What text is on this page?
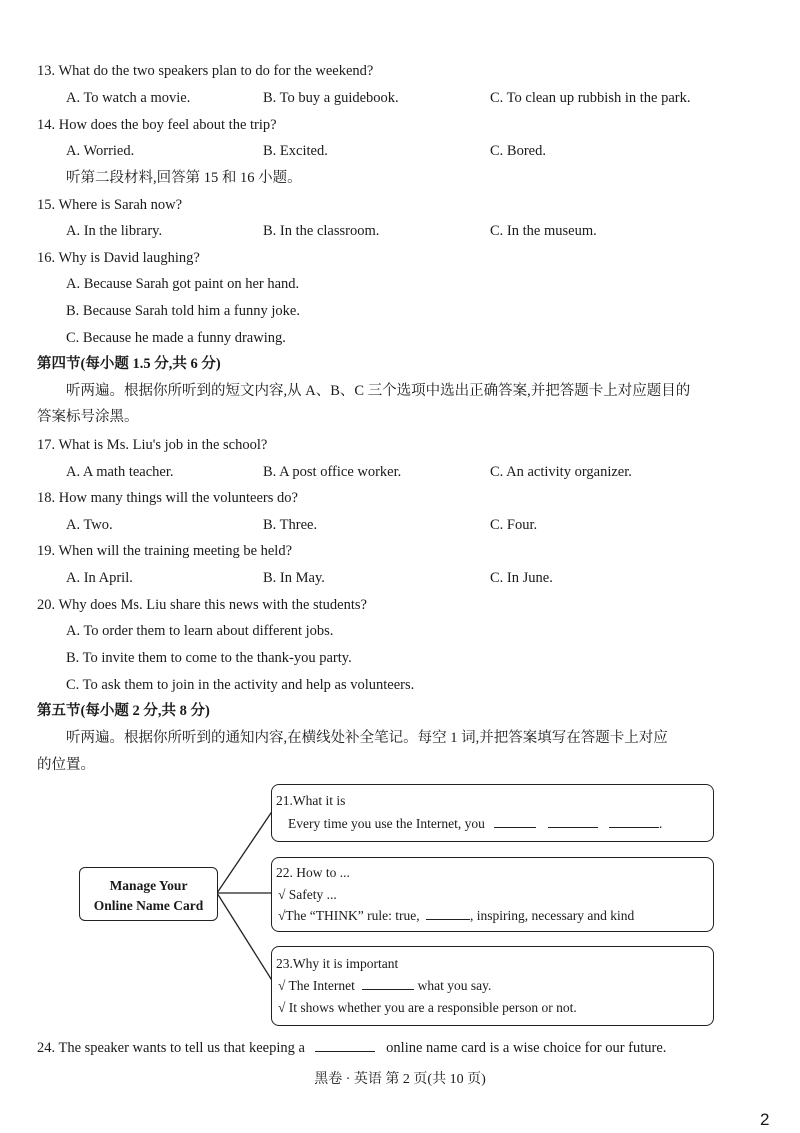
13. What do the two speakers plan to do for the weekend?
A. To watch a movie.	B. To buy a guidebook.	C. To clean up rubbish in the park.
14. How does the boy feel about the trip?
A. Worried.	B. Excited.	C. Bored.
听第二段材料,回答第 15 和 16 小题。
15. Where is Sarah now?
A. In the library.	B. In the classroom.	C. In the museum.
16. Why is David laughing?
A. Because Sarah got paint on her hand.
B. Because Sarah told him a funny joke.
C. Because he made a funny drawing.
第四节(每小题 1.5 分,共 6 分)
听两遍。根据你所听到的短文内容,从 A、B、C 三个选项中选出正确答案,并把答题卡上对应题目的
答案标号涂黑。
17. What is Ms. Liu's job in the school?
A. A math teacher.	B. A post office worker.	C. An activity organizer.
18. How many things will the volunteers do?
A. Two.	B. Three.	C. Four.
19. When will the training meeting be held?
A. In April.	B. In May.	C. In June.
20. Why does Ms. Liu share this news with the students?
A. To order them to learn about different jobs.
B. To invite them to come to the thank-you party.
C. To ask them to join in the activity and help as volunteers.
第五节(每小题 2 分,共 8 分)
听两遍。根据你所听到的通知内容,在横线处补全笔记。每空 1 词,并把答案填写在答题卡上对应
的位置。
Manage Your
Online Name Card
21.What it is
Every time you use the Internet, you	.
22. How to ...
√ Safety ...
√The “THINK” rule: true,	, inspiring, necessary and kind
23.Why it is important
√ The Internet	what you say.
√ It shows whether you are a responsible person or not.
24. The speaker wants to tell us that keeping a	online name card is a wise choice for our future.
黑卷 · 英语 第 2 页(共 10 页)
2
